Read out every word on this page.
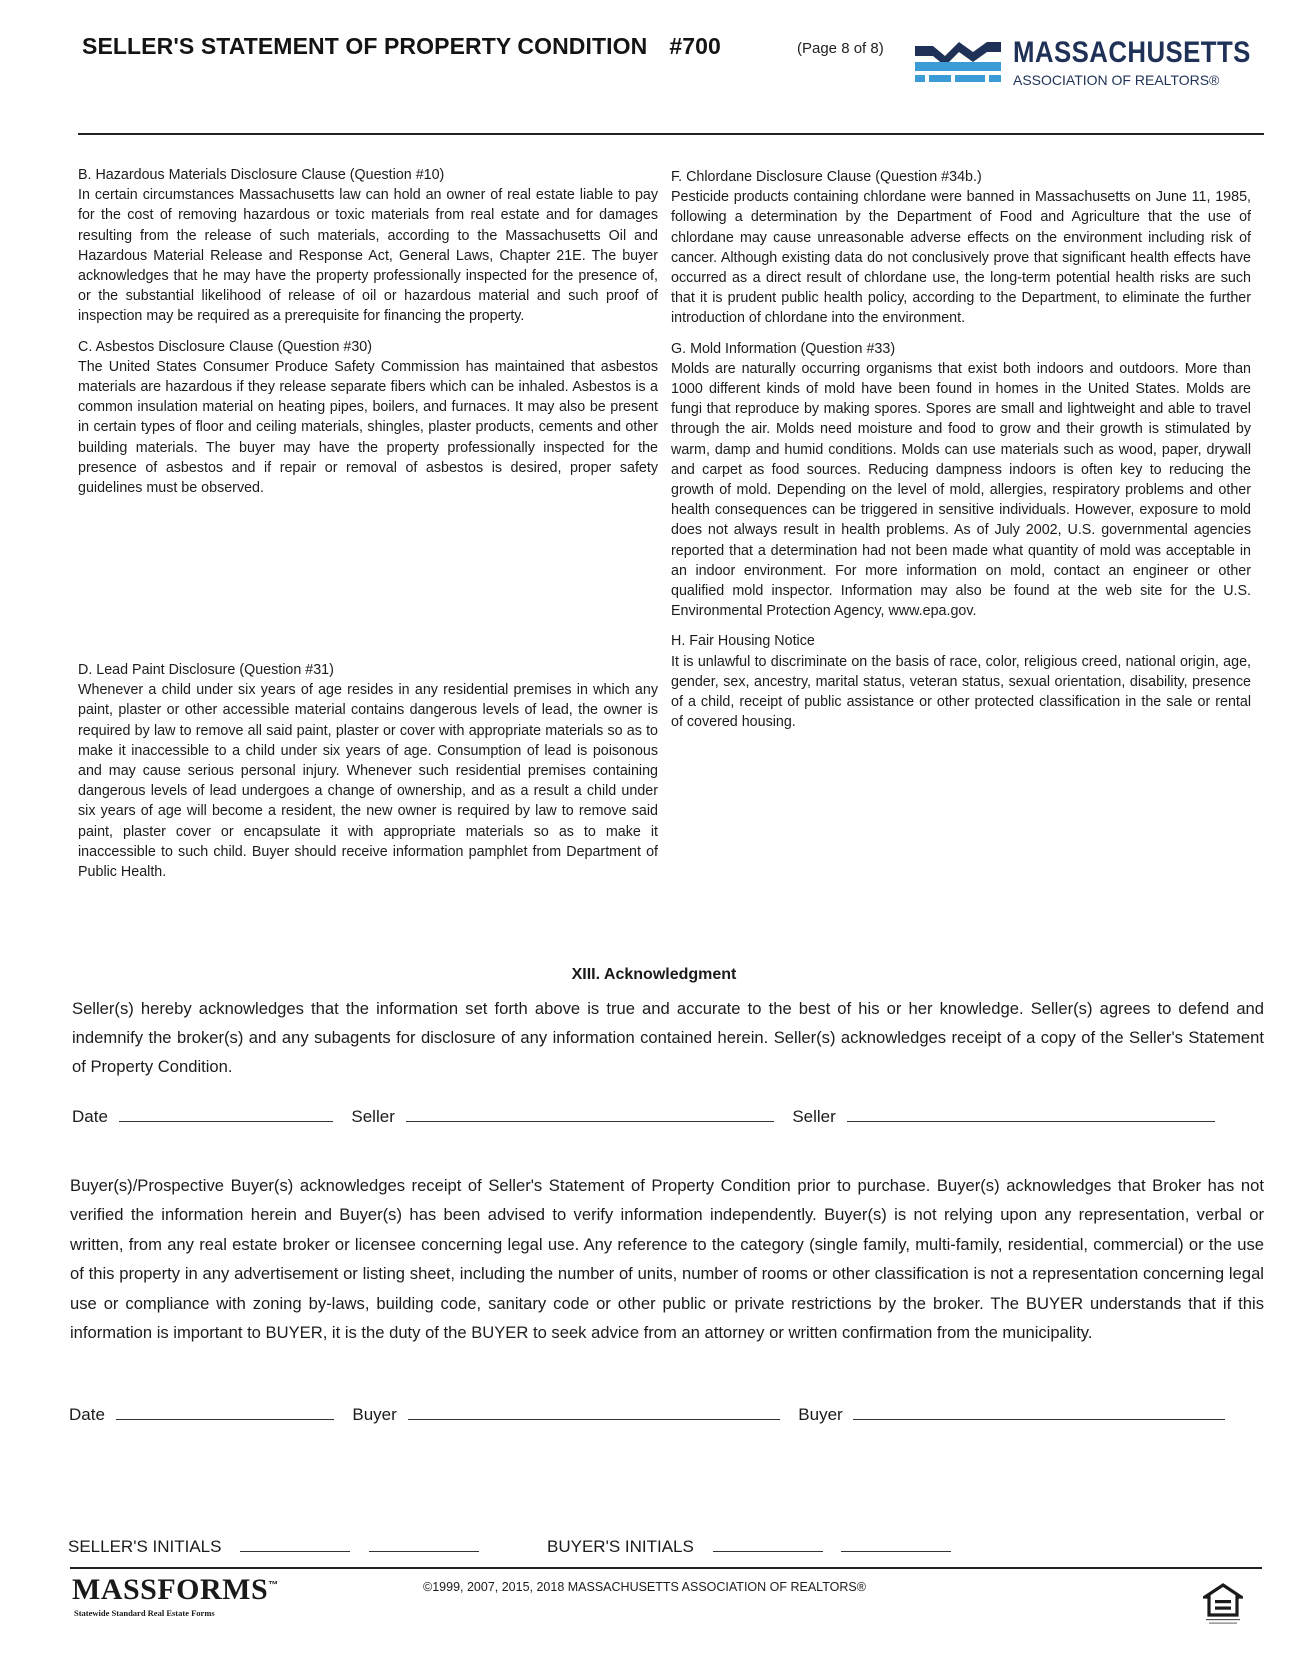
SELLER'S STATEMENT OF PROPERTY CONDITION #700	(Page 8 of 8)	MASSACHUSETTS
ASSOCIATION OF REALTORS®
B. Hazardous Materials Disclosure Clause (Question #10)

In certain circumstances Massachusetts law can hold an owner of real estate liable to pay for the cost of removing hazardous or toxic materials from real estate and for damages resulting from the release of such materials, according to the Massachusetts Oil and Hazardous Material Release and Response Act, General Laws, Chapter 21E. The buyer acknowledges that he may have the property professionally inspected for the presence of, or the substantial likelihood of release of oil or hazardous material and such proof of inspection may be required as a prerequisite for financing the property.

C. Asbestos Disclosure Clause (Question #30)

The United States Consumer Produce Safety Commission has maintained that asbestos materials are hazardous if they release separate fibers which can be inhaled. Asbestos is a common insulation material on heating pipes, boilers, and furnaces. It may also be present in certain types of floor and ceiling materials, shingles, plaster products, cements and other building materials. The buyer may have the property professionally inspected for the presence of asbestos and if repair or removal of asbestos is desired, proper safety guidelines must be observed.

D. Lead Paint Disclosure (Question #31)

Whenever a child under six years of age resides in any residential premises in which any paint, plaster or other accessible material contains dangerous levels of lead, the owner is required by law to remove all said paint, plaster or cover with appropriate materials so as to make it inaccessible to a child under six years of age. Consumption of lead is poisonous and may cause serious personal injury. Whenever such residential premises containing dangerous levels of lead undergoes a change of ownership, and as a result a child under six years of age will become a resident, the new owner is required by law to remove said paint, plaster cover or encapsulate it with appropriate materials so as to make it inaccessible to such child. Buyer should receive information pamphlet from Department of Public Health.

F. Chlordane Disclosure Clause (Question #34b.)

Pesticide products containing chlordane were banned in Massachusetts on June 11, 1985, following a determination by the Department of Food and Agriculture that the use of chlordane may cause unreasonable adverse effects on the environment including risk of cancer. Although existing data do not conclusively prove that significant health effects have occurred as a direct result of chlordane use, the long-term potential health risks are such that it is prudent public health policy, according to the Department, to eliminate the further introduction of chlordane into the environment.

G. Mold Information (Question #33)

Molds are naturally occurring organisms that exist both indoors and outdoors. More than 1000 different kinds of mold have been found in homes in the United States. Molds are fungi that reproduce by making spores. Spores are small and lightweight and able to travel through the air. Molds need moisture and food to grow and their growth is stimulated by warm, damp and humid conditions. Molds can use materials such as wood, paper, drywall and carpet as food sources. Reducing dampness indoors is often key to reducing the growth of mold. Depending on the level of mold, allergies, respiratory problems and other health consequences can be triggered in sensitive individuals. However, exposure to mold does not always result in health problems. As of July 2002, U.S. governmental agencies reported that a determination had not been made what quantity of mold was acceptable in an indoor environment. For more information on mold, contact an engineer or other qualified mold inspector. Information may also be found at the web site for the U.S. Environmental Protection Agency, www.epa.gov.

H. Fair Housing Notice

It is unlawful to discriminate on the basis of race, color, religious creed, national origin, age, gender, sex, ancestry, marital status, veteran status, sexual orientation, disability, presence of a child, receipt of public assistance or other protected classification in the sale or rental of covered housing.

XIII. Acknowledgment

Seller(s) hereby acknowledges that the information set forth above is true and accurate to the best of his or her knowledge. Seller(s) agrees to defend and indemnify the broker(s) and any subagents for disclosure of any information contained herein. Seller(s) acknowledges receipt of a copy of the Seller's Statement of Property Condition.

Date	Seller	Seller

Buyer(s)/Prospective Buyer(s) acknowledges receipt of Seller's Statement of Property Condition prior to purchase. Buyer(s) acknowledges that Broker has not verified the information herein and Buyer(s) has been advised to verify information independently. Buyer(s) is not relying upon any representation, verbal or written, from any real estate broker or licensee concerning legal use. Any reference to the category (single family, multi-family, residential, commercial) or the use of this property in any advertisement or listing sheet, including the number of units, number of rooms or other classification is not a representation concerning legal use or compliance with zoning by-laws, building code, sanitary code or other public or private restrictions by the broker. The BUYER understands that if this information is important to BUYER, it is the duty of the BUYER to seek advice from an attorney or written confirmation from the municipality.

Date	Buyer	Buyer
SELLER'S INITIALS	BUYER'S INITIALS
MASSFORMS™
Statewide Standard Real Estate Forms
©1999, 2007, 2015, 2018 MASSACHUSETTS ASSOCIATION OF REALTORS®
